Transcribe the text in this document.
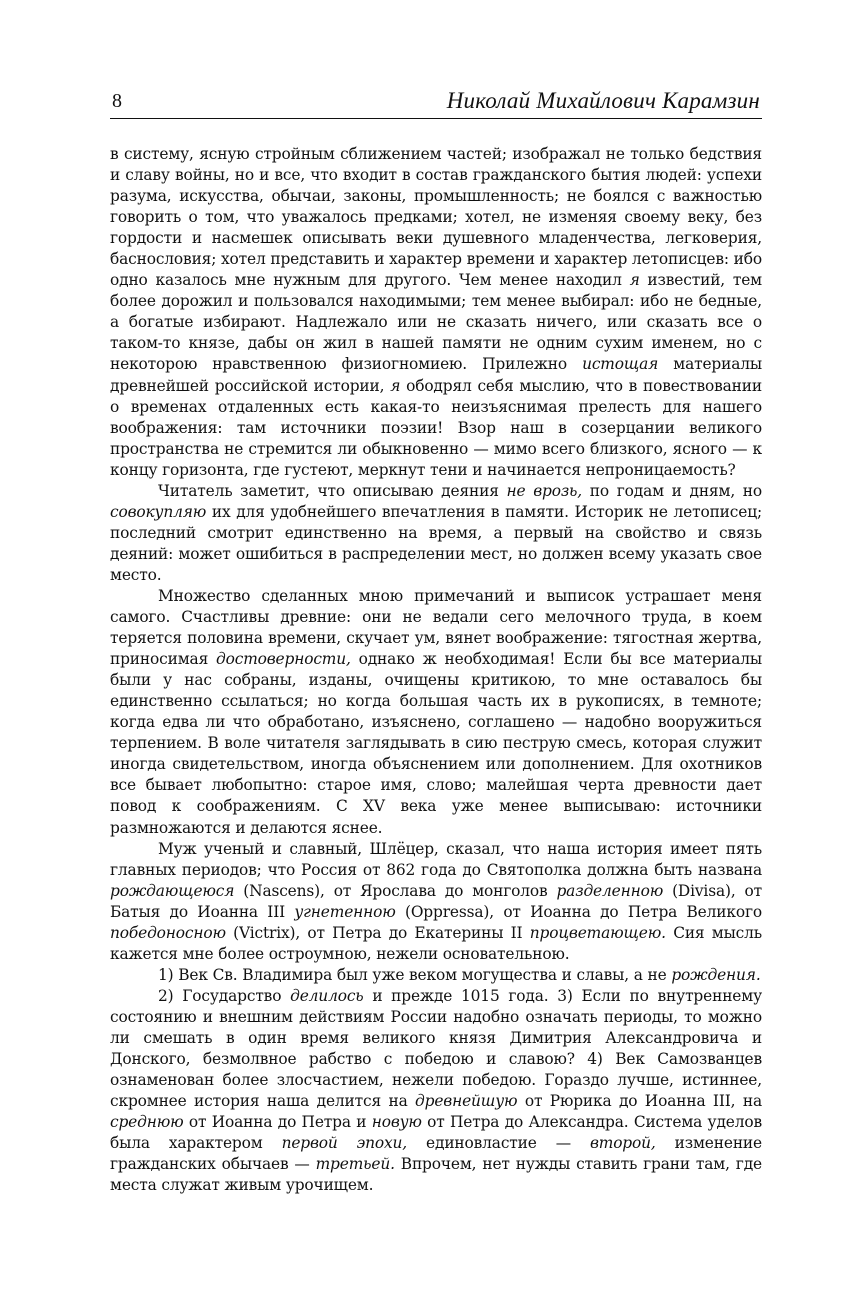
8	Николай Михайлович Карамзин

в систему, ясную стройным сближением частей; изображал не только бедствия и славу войны, но и все, что входит в состав гражданского бытия людей: успехи разума, искусства, обычаи, законы, промышленность; не боялся с важностью говорить о том, что уважалось предками; хотел, не изменяя своему веку, без гордости и насмешек описывать веки душевного младенчества, легковерия, баснословия; хотел представить и характер времени и характер летописцев: ибо одно казалось мне нужным для другого. Чем менее находил я известий, тем более дорожил и пользовался находимыми; тем менее выбирал: ибо не бедные, а богатые избирают. Надлежало или не сказать ничего, или сказать все о таком-то князе, дабы он жил в нашей памяти не одним сухим именем, но с некоторою нравственною физиогномиею. Прилежно истощая материалы древнейшей российской истории, я ободрял себя мыслию, что в повествовании о временах отдаленных есть какая-то неизъяснимая прелесть для нашего воображения: там источники поэзии! Взор наш в созерцании великого пространства не стремится ли обыкновенно — мимо всего близкого, ясного — к концу горизонта, где густеют, меркнут тени и начинается непроницаемость?

Читатель заметит, что описываю деяния не врозь, по годам и дням, но совокупляю их для удобнейшего впечатления в памяти. Историк не летописец; последний смотрит единственно на время, а первый на свойство и связь деяний: может ошибиться в распределении мест, но должен всему указать свое место.

Множество сделанных мною примечаний и выписок устрашает меня самого. Счастливы древние: они не ведали сего мелочного труда, в коем теряется половина времени, скучает ум, вянет воображение: тягостная жертва, приносимая достоверности, однако ж необходимая! Если бы все материалы были у нас собраны, изданы, очищены критикою, то мне оставалось бы единственно ссылаться; но когда большая часть их в рукописях, в темноте; когда едва ли что обработано, изъяснено, соглашено — надобно вооружиться терпением. В воле читателя заглядывать в сию пеструю смесь, которая служит иногда свидетельством, иногда объяснением или дополнением. Для охотников все бывает любопытно: старое имя, слово; малейшая черта древности дает повод к соображениям. С XV века уже менее выписываю: источники размножаются и делаются яснее.

Муж ученый и славный, Шлёцер, сказал, что наша история имеет пять главных периодов; что Россия от 862 года до Святополка должна быть названа рождающеюся (Nascens), от Ярослава до монголов разделенною (Divisa), от Батыя до Иоанна III угнетенною (Oppressa), от Иоанна до Петра Великого победоносною (Victrix), от Петра до Екатерины II процветающею. Сия мысль кажется мне более остроумною, нежели основательною.

1) Век Св. Владимира был уже веком могущества и славы, а не рождения.

2) Государство делилось и прежде 1015 года. 3) Если по внутреннему состоянию и внешним действиям России надобно означать периоды, то можно ли смешать в один время великого князя Димитрия Александровича и Донского, безмолвное рабство с победою и славою? 4) Век Самозванцев ознаменован более злосчастием, нежели победою. Гораздо лучше, истиннее, скромнее история наша делится на древнейшую от Рюрика до Иоанна III, на среднюю от Иоанна до Петра и новую от Петра до Александра. Система уделов была характером первой эпохи, единовластие — второй, изменение гражданских обычаев — третьей. Впрочем, нет нужды ставить грани там, где места служат живым урочищем.
